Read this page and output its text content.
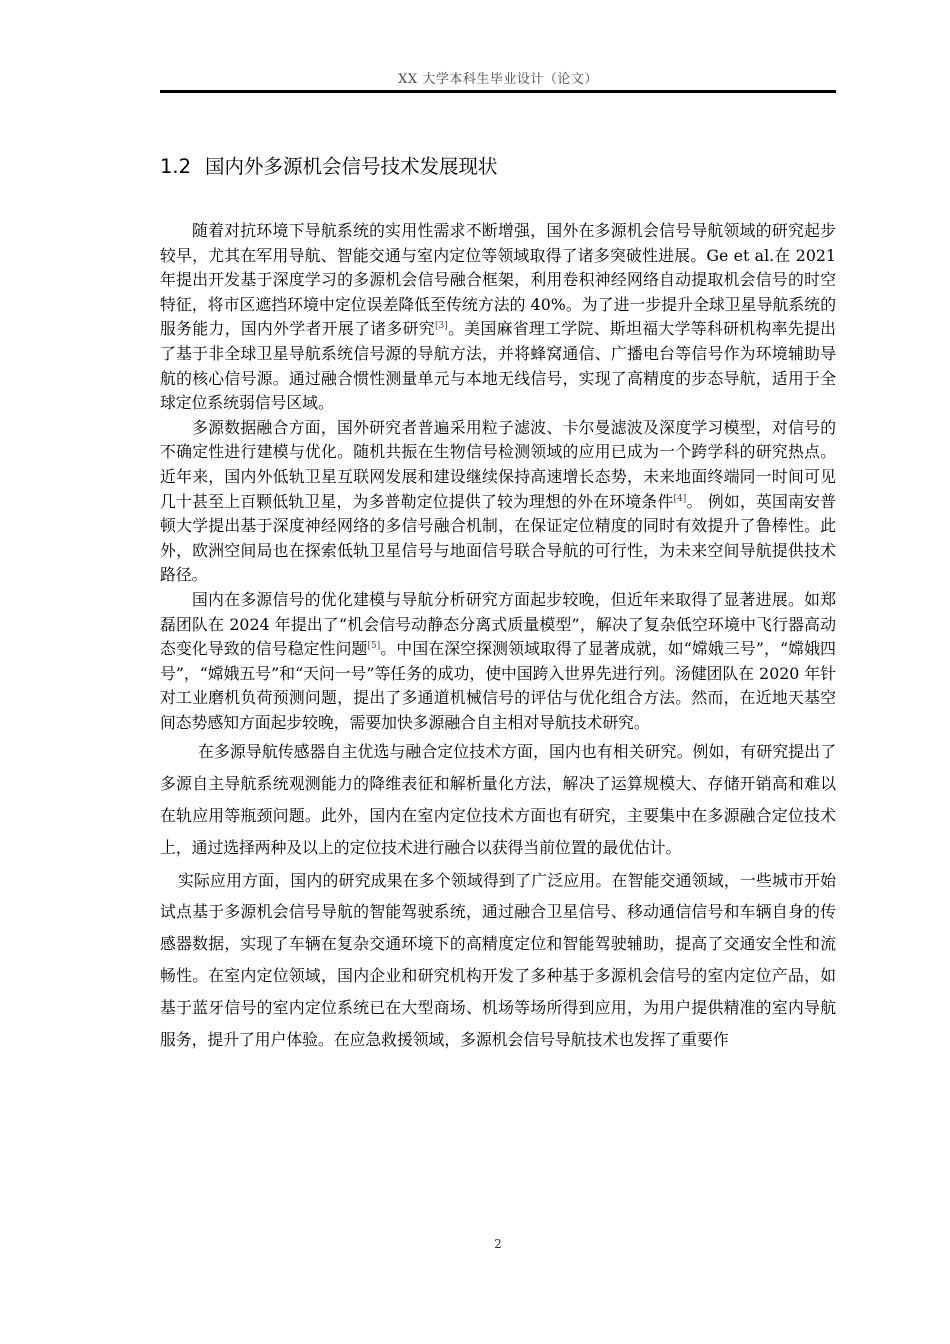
XX 大学本科生毕业设计（论文）
1.2 国内外多源机会信号技术发展现状

随着对抗环境下导航系统的实用性需求不断增强，国外在多源机会信号导航领域的研究起步较早，尤其在军用导航、智能交通与室内定位等领域取得了诸多突破性进展。Ge et al.在 2021 年提出开发基于深度学习的多源机会信号融合框架，利用卷积神经网络自动提取机会信号的时空特征，将市区遮挡环境中定位误差降低至传统方法的 40%。为了进一步提升全球卫星导航系统的服务能力，国内外学者开展了诸多研究[3]。美国麻省理工学院、斯坦福大学等科研机构率先提出了基于非全球卫星导航系统信号源的导航方法，并将蜂窝通信、广播电台等信号作为环境辅助导航的核心信号源。通过融合惯性测量单元与本地无线信号，实现了高精度的步态导航，适用于全球定位系统弱信号区域。

多源数据融合方面，国外研究者普遍采用粒子滤波、卡尔曼滤波及深度学习模型，对信号的不确定性进行建模与优化。随机共振在生物信号检测领域的应用已成为一个跨学科的研究热点。近年来，国内外低轨卫星互联网发展和建设继续保持高速增长态势，未来地面终端同一时间可见几十甚至上百颗低轨卫星，为多普勒定位提供了较为理想的外在环境条件[4]。 例如，英国南安普顿大学提出基于深度神经网络的多信号融合机制，在保证定位精度的同时有效提升了鲁棒性。此外，欧洲空间局也在探索低轨卫星信号与地面信号联合导航的可行性，为未来空间导航提供技术路径。

国内在多源信号的优化建模与导航分析研究方面起步较晚，但近年来取得了显著进展。如郑磊团队在 2024 年提出了“机会信号动静态分离式质量模型”，解决了复杂低空环境中飞行器高动态变化导致的信号稳定性问题[5]。中国在深空探测领域取得了显著成就，如“嫦娥三号”，“嫦娥四号”，“嫦娥五号”和“天问一号”等任务的成功，使中国跨入世界先进行列。汤健团队在 2020 年针对工业磨机负荷预测问题，提出了多通道机械信号的评估与优化组合方法。然而，在近地天基空间态势感知方面起步较晚，需要加快多源融合自主相对导航技术研究。

在多源导航传感器自主优选与融合定位技术方面，国内也有相关研究。例如，有研究提出了多源自主导航系统观测能力的降维表征和解析量化方法，解决了运算规模大、存储开销高和难以在轨应用等瓶颈问题。此外，国内在室内定位技术方面也有研究，主要集中在多源融合定位技术上，通过选择两种及以上的定位技术进行融合以获得当前位置的最优估计。

实际应用方面，国内的研究成果在多个领域得到了广泛应用。在智能交通领域，一些城市开始试点基于多源机会信号导航的智能驾驶系统，通过融合卫星信号、移动通信信号和车辆自身的传感器数据，实现了车辆在复杂交通环境下的高精度定位和智能驾驶辅助，提高了交通安全性和流畅性。在室内定位领域，国内企业和研究机构开发了多种基于多源机会信号的室内定位产品，如基于蓝牙信号的室内定位系统已在大型商场、机场等场所得到应用，为用户提供精准的室内导航服务，提升了用户体验。在应急救援领域，多源机会信号导航技术也发挥了重要作

2
